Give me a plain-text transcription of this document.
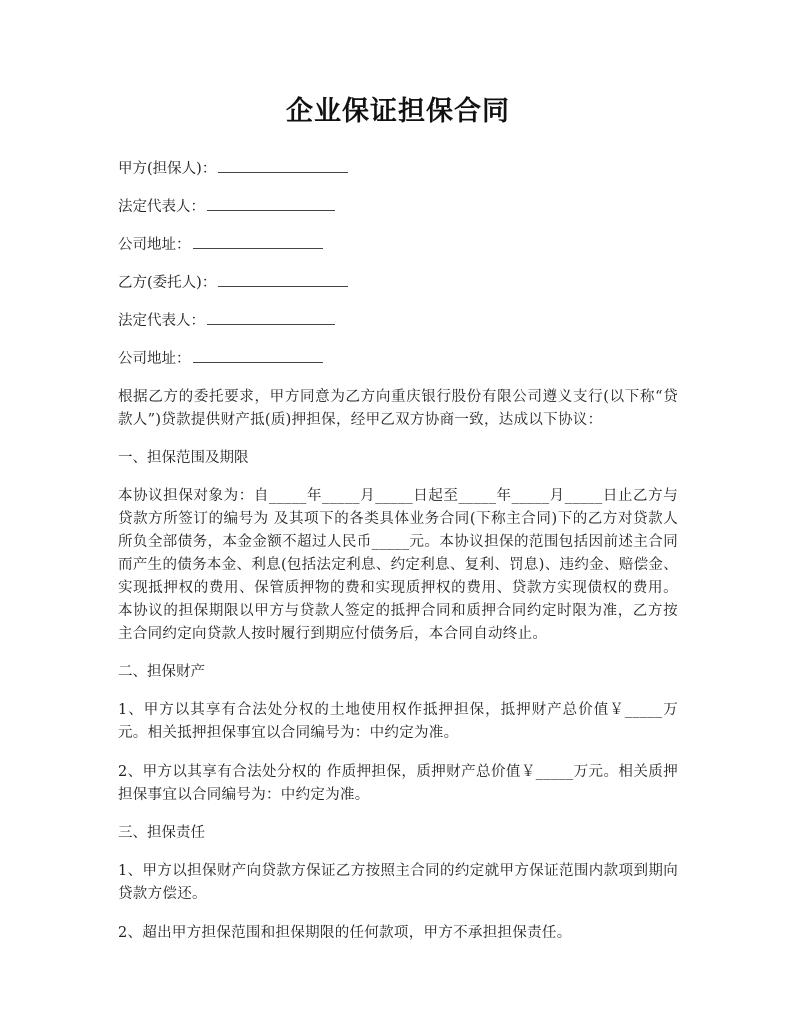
企业保证担保合同

甲方(担保人)：

法定代表人：

公司地址：

乙方(委托人)：

法定代表人：

公司地址：

根据乙方的委托要求，甲方同意为乙方向重庆银行股份有限公司遵义支行(以下称“贷款人”)贷款提供财产抵(质)押担保，经甲乙双方协商一致，达成以下协议：

一、担保范围及期限

本协议担保对象为：自_____年_____月_____日起至_____年_____月_____日止乙方与贷款方所签订的编号为 及其项下的各类具体业务合同(下称主合同)下的乙方对贷款人所负全部债务，本金金额不超过人民币_____元。本协议担保的范围包括因前述主合同而产生的债务本金、利息(包括法定利息、约定利息、复利、罚息)、违约金、赔偿金、实现抵押权的费用、保管质押物的费和实现质押权的费用、贷款方实现债权的费用。本协议的担保期限以甲方与贷款人签定的抵押合同和质押合同约定时限为准，乙方按主合同约定向贷款人按时履行到期应付债务后，本合同自动终止。

二、担保财产

1、甲方以其享有合法处分权的土地使用权作抵押担保，抵押财产总价值￥_____万元。相关抵押担保事宜以合同编号为：中约定为准。

2、甲方以其享有合法处分权的 作质押担保，质押财产总价值￥_____万元。相关质押担保事宜以合同编号为：中约定为准。

三、担保责任

1、甲方以担保财产向贷款方保证乙方按照主合同的约定就甲方保证范围内款项到期向贷款方偿还。

2、超出甲方担保范围和担保期限的任何款项，甲方不承担担保责任。
